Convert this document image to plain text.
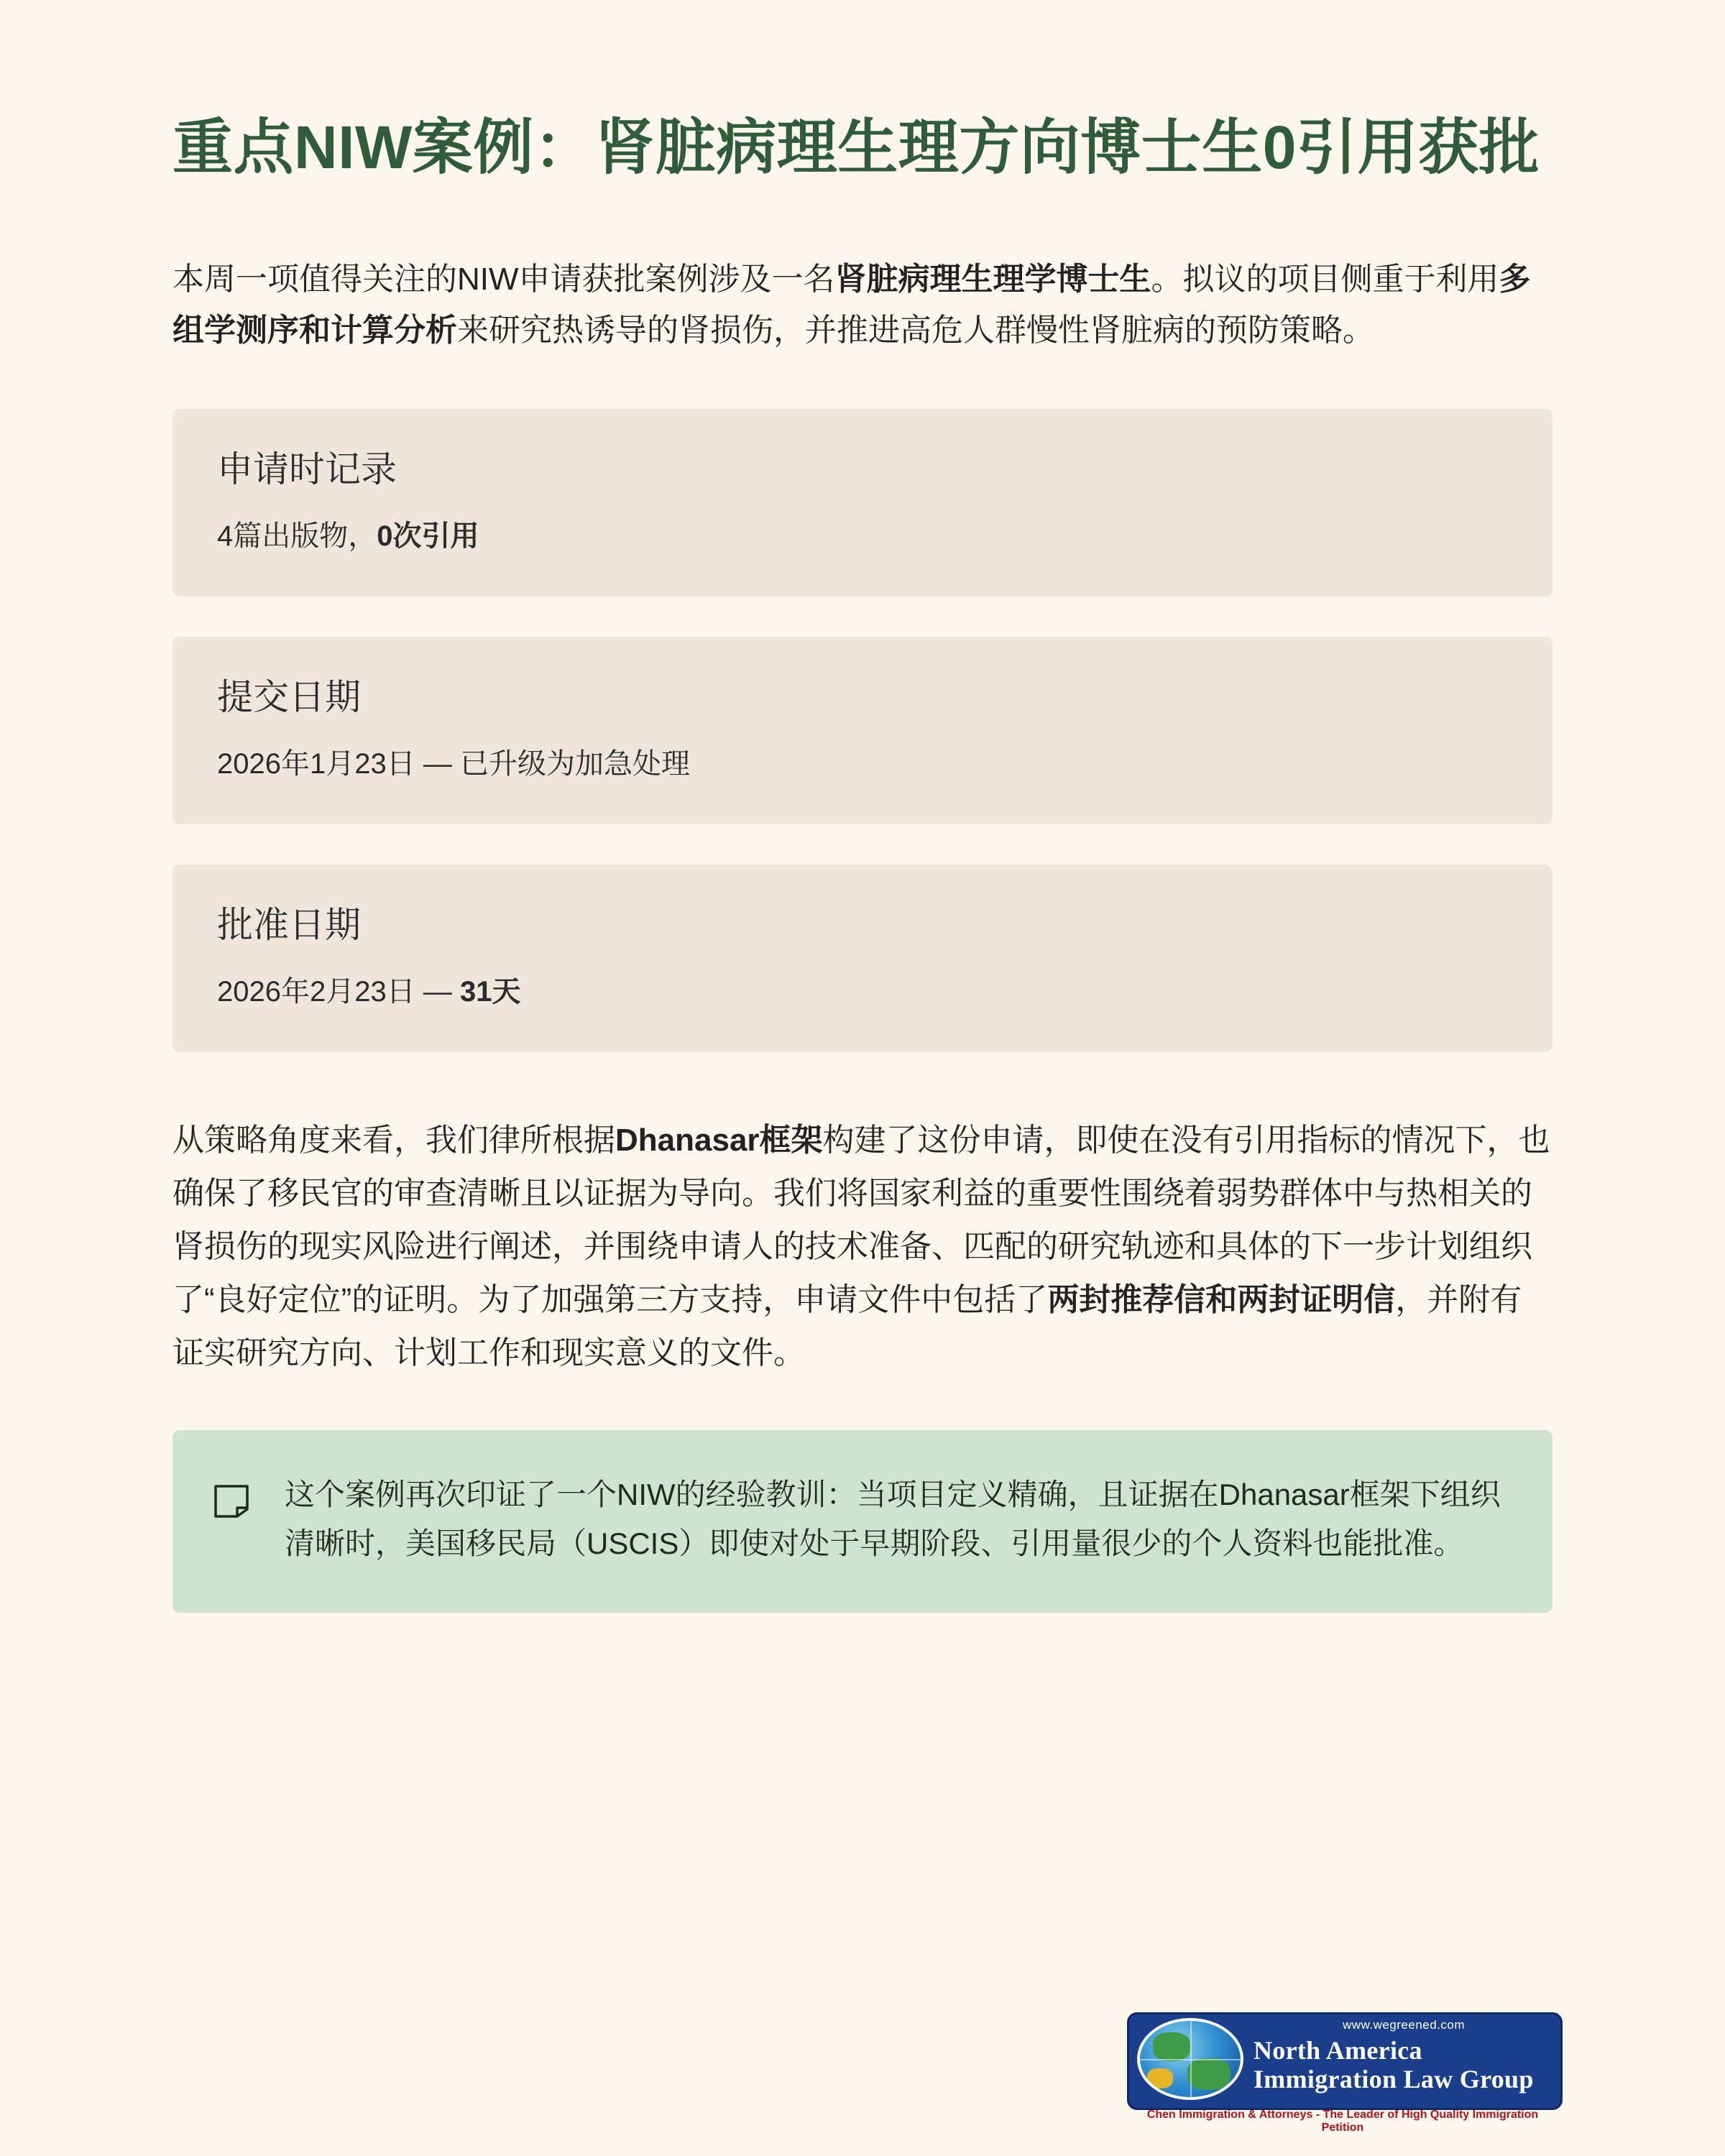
重点NIW案例：肾脏病理生理方向博士生0引用获批

本周一项值得关注的NIW申请获批案例涉及一名肾脏病理生理学博士生。拟议的项目侧重于利用多组学测序和计算分析来研究热诱导的肾损伤，并推进高危人群慢性肾脏病的预防策略。

申请时记录
4篇出版物，0次引用
提交日期
2026年1月23日 — 已升级为加急处理
批准日期
2026年2月23日 — 31天

从策略角度来看，我们律所根据Dhanasar框架构建了这份申请，即使在没有引用指标的情况下，也确保了移民官的审查清晰且以证据为导向。我们将国家利益的重要性围绕着弱势群体中与热相关的肾损伤的现实风险进行阐述，并围绕申请人的技术准备、匹配的研究轨迹和具体的下一步计划组织了“良好定位”的证明。为了加强第三方支持，申请文件中包括了两封推荐信和两封证明信，并附有证实研究方向、计划工作和现实意义的文件。

这个案例再次印证了一个NIW的经验教训：当项目定义精确，且证据在Dhanasar框架下组织清晰时，美国移民局（USCIS）即使对处于早期阶段、引用量很少的个人资料也能批准。
www.wegreened.com
North America
Immigration Law Group
Chen Immigration & Attorneys - The Leader of High Quality Immigration Petition
